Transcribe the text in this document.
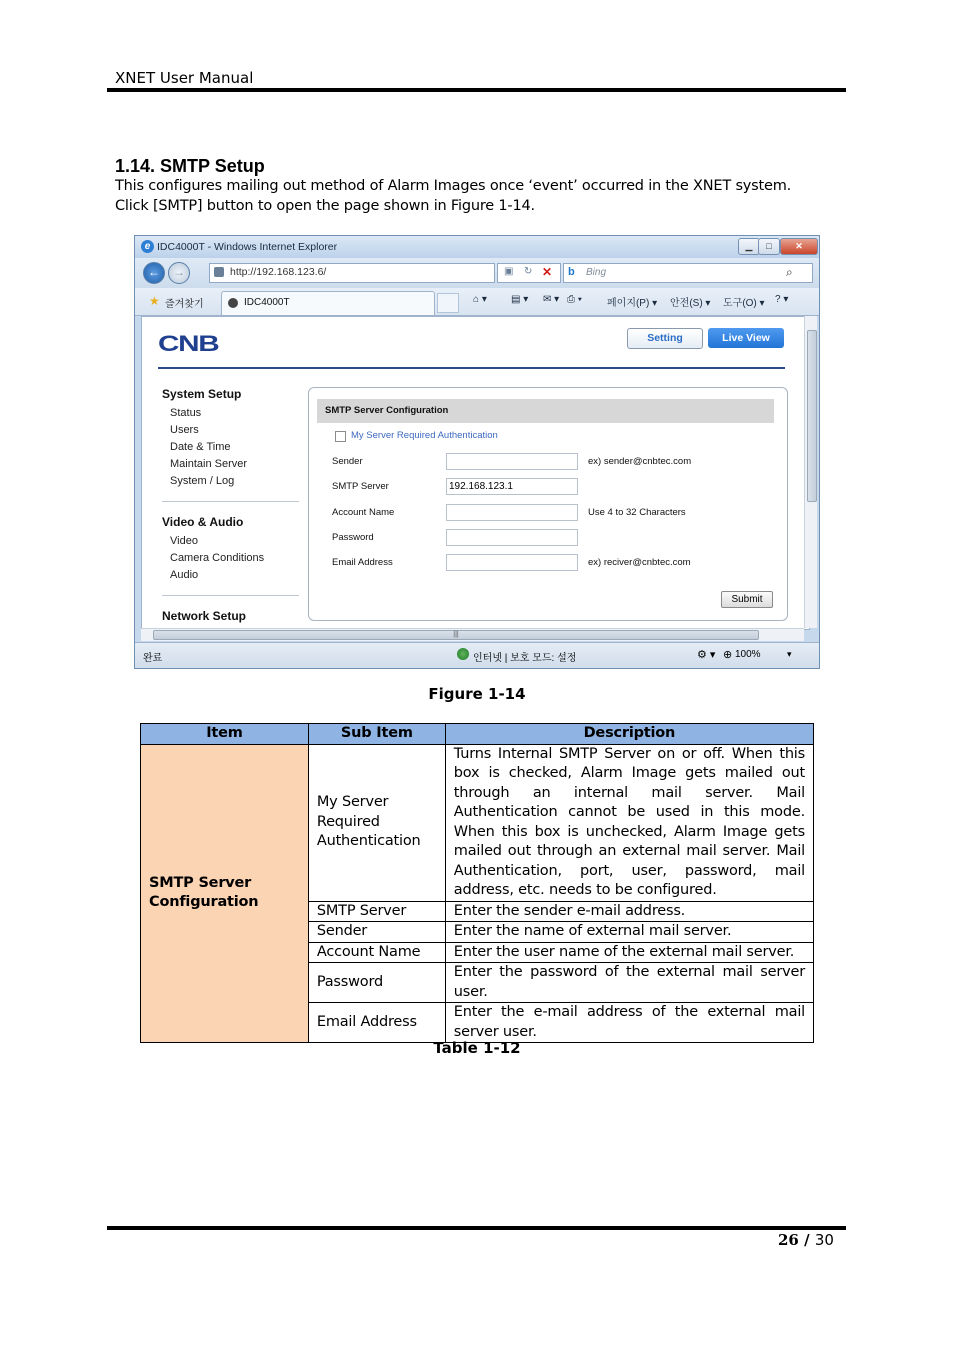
XNET User Manual
1.14. SMTP Setup
This configures mailing out method of Alarm Images once ‘event’ occurred in the XNET system.
Click [SMTP] button to open the page shown in Figure 1-14.
e IDC4000T - Windows Internet Explorer	▁	□	✕
←	→	http://192.168.123.6/	▣ ↻ ✕ b Bing	⌕
★ 즐겨찾기	IDC4000T	⌂ ▾ ▤ ▾ ✉ ▾ ⎙ ▾	페이지(P) ▾ 안전(S) ▾ 도구(O) ▾ ? ▾
CNB	Setting	Live View
System Setup
Status
Users
Date & Time
Maintain Server
System / Log
Video & Audio
Video
Camera Conditions
Audio
Network Setup
SMTP Server Configuration
My Server Required Authentication
Sender	ex) sender@cnbtec.com
SMTP Server	192.168.123.1
Account Name	Use 4 to 32 Characters
Password
Email Address	ex) reciver@cnbtec.com
Submit
|||
완료	인터넷 | 보호 모드: 설정	⚙ ▾ ⊕ 100%	▾
Figure 1-14
Item	Sub Item	Description
SMTP Server Configuration	My Server Required Authentication	Turns Internal SMTP Server on or off. When this box is checked, Alarm Image gets mailed out through an internal mail server. Mail Authentication cannot be used in this mode. When this box is unchecked, Alarm Image gets mailed out through an external mail server. Mail Authentication, port, user, password, mail address, etc. needs to be configured.
	SMTP Server	Enter the sender e-mail address.
	Sender	Enter the name of external mail server.
	Account Name	Enter the user name of the external mail server.
	Password	Enter the password of the external mail server user.
	Email Address	Enter the e-mail address of the external mail server user.
Table 1-12
26 / 30
